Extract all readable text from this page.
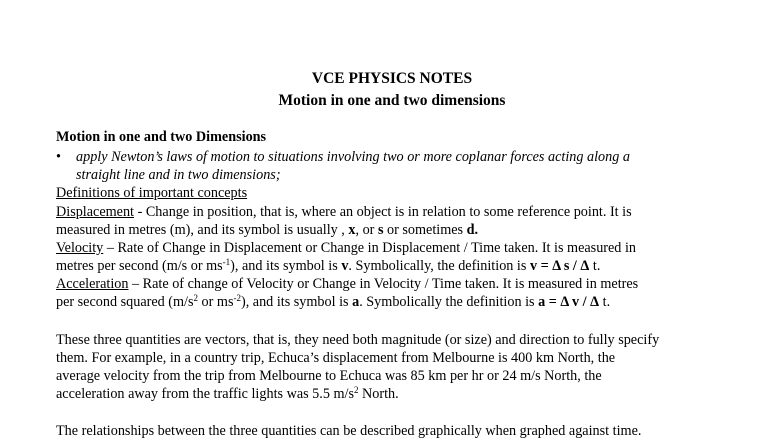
VCE PHYSICS NOTES
Motion in one and two dimensions
Motion in one and two Dimensions
• apply Newton’s laws of motion to situations involving two or more coplanar forces acting along a
straight line and in two dimensions;
Definitions of important concepts
Displacement - Change in position, that is, where an object is in relation to some reference point. It is
measured in metres (m), and its symbol is usually , x, or s or sometimes d.
Velocity – Rate of Change in Displacement or Change in Displacement / Time taken. It is measured in
metres per second (m/s or $ms^{-1}$), and its symbol is v. Symbolically, the definition is v = Δ s / Δ t.
Acceleration – Rate of change of Velocity or Change in Velocity / Time taken. It is measured in metres
per second squared ($m/s^2$ or $ms^{-2}$), and its symbol is a. Symbolically the definition is a = Δ v / Δ t.
These three quantities are vectors, that is, they need both magnitude (or size) and direction to fully specify
them. For example, in a country trip, Echuca’s displacement from Melbourne is 400 km North, the
average velocity from the trip from Melbourne to Echuca was 85 km per hr or 24 m/s North, the
acceleration away from the traffic lights was 5.5 $m/s^2$ North.
The relationships between the three quantities can be described graphically when graphed against time.
